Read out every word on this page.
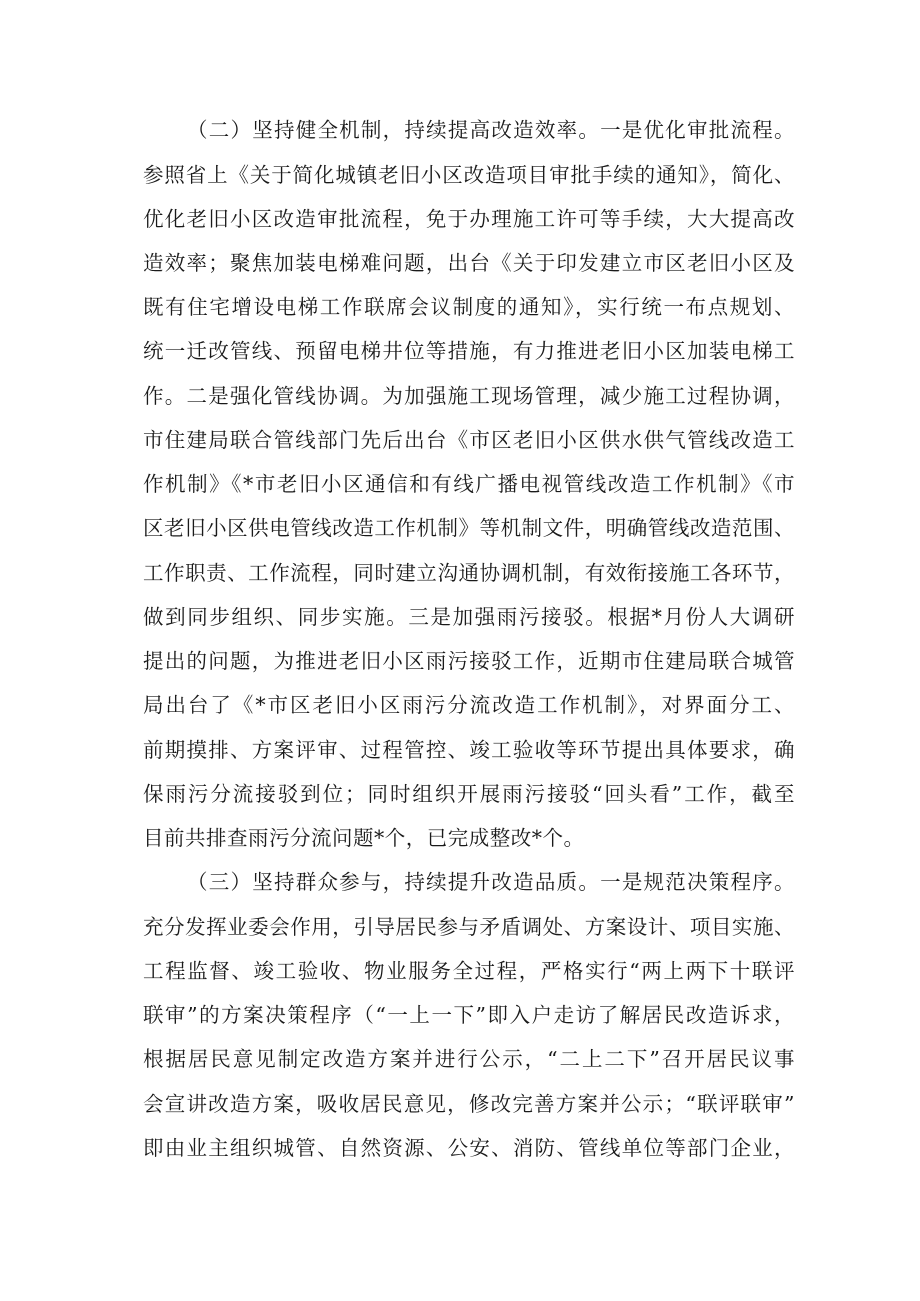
（二）坚持健全机制，持续提高改造效率。一是优化审批流程。
参照省上《关于简化城镇老旧小区改造项目审批手续的通知》，简化、
优化老旧小区改造审批流程，免于办理施工许可等手续，大大提高改
造效率；聚焦加装电梯难问题，出台《关于印发建立市区老旧小区及
既有住宅增设电梯工作联席会议制度的通知》，实行统一布点规划、
统一迁改管线、预留电梯井位等措施，有力推进老旧小区加装电梯工
作。二是强化管线协调。为加强施工现场管理，减少施工过程协调，
市住建局联合管线部门先后出台《市区老旧小区供水供气管线改造工
作机制》《*市老旧小区通信和有线广播电视管线改造工作机制》《市
区老旧小区供电管线改造工作机制》等机制文件，明确管线改造范围、
工作职责、工作流程，同时建立沟通协调机制，有效衔接施工各环节，
做到同步组织、同步实施。三是加强雨污接驳。根据*月份人大调研
提出的问题，为推进老旧小区雨污接驳工作，近期市住建局联合城管
局出台了《*市区老旧小区雨污分流改造工作机制》，对界面分工、
前期摸排、方案评审、过程管控、竣工验收等环节提出具体要求，确
保雨污分流接驳到位；同时组织开展雨污接驳“回头看”工作，截至
目前共排查雨污分流问题*个，已完成整改*个。
（三）坚持群众参与，持续提升改造品质。一是规范决策程序。
充分发挥业委会作用，引导居民参与矛盾调处、方案设计、项目实施、
工程监督、竣工验收、物业服务全过程，严格实行“两上两下十联评
联审”的方案决策程序（“一上一下”即入户走访了解居民改造诉求，
根据居民意见制定改造方案并进行公示，“二上二下”召开居民议事
会宣讲改造方案，吸收居民意见，修改完善方案并公示；“联评联审”
即由业主组织城管、自然资源、公安、消防、管线单位等部门企业，
